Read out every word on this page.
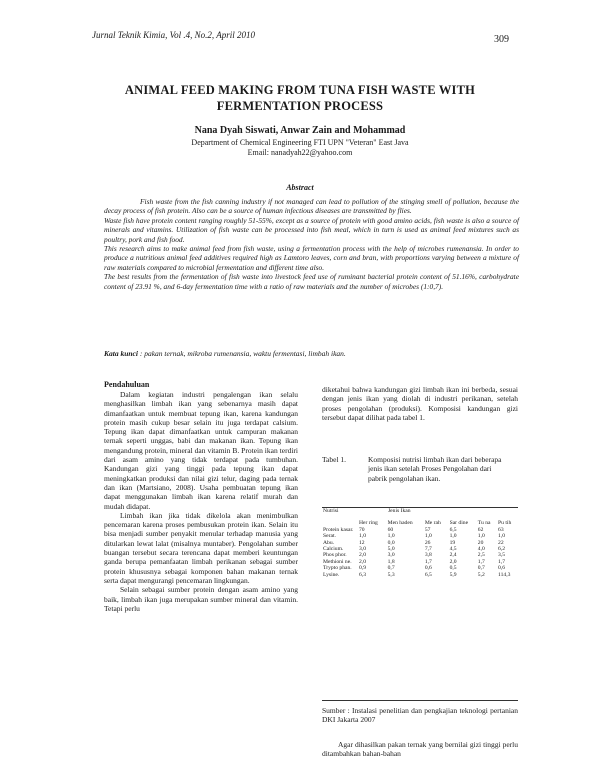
Jurnal Teknik Kimia, Vol .4, No.2, April 2010	309
ANIMAL FEED MAKING FROM TUNA FISH WASTE WITH
FERMENTATION PROCESS
Nana Dyah Siswati, Anwar Zain and Mohammad
Department of Chemical Engineering FTI UPN "Veteran" East Java
Email: nanadyah22@yahoo.com
Abstract

Fish waste from the fish canning industry if not managed can lead to pollution of the stinging smell of pollution, because the decay process of fish protein. Also can be a source of human infectious diseases are transmitted by flies.

Waste fish have protein content ranging roughly 51-55%, except as a source of protein with good amino acids, fish waste is also a source of minerals and vitamins. Utilization of fish waste can be processed into fish meal, which in turn is used as animal feed mixtures such as poultry, pork and fish food.

This research aims to make animal feed from fish waste, using a fermentation process with the help of microbes rumenansia. In order to produce a nutritious animal feed additives required high as Lamtoro leaves, corn and bran, with proportions varying between a mixture of raw materials compared to microbial fermentation and different time also.

The best results from the fermentation of fish waste into livestock feed use of ruminant bacterial protein content of 51.16%, carbohydrate content of 23.91 %, and 6-day fermentation time with a ratio of raw materials and the number of microbes (1:0,7).

Kata kunci : pakan ternak, mikroba rumenansia, waktu fermentasi, limbah ikan.
Pendahuluan

Dalam kegiatan industri pengalengan ikan selalu menghasilkan limbah ikan yang sebenarnya masih dapat dimanfaatkan untuk membuat tepung ikan, karena kandungan protein masih cukup besar selain itu juga terdapat calsium. Tepung ikan dapat dimanfaatkan untuk campuran makanan ternak seperti unggas, babi dan makanan ikan. Tepung ikan mengandung protein, mineral dan vitamin B. Protein ikan terdiri dari asam amino yang tidak terdapat pada tumbuhan. Kandungan gizi yang tinggi pada tepung ikan dapat meningkatkan produksi dan nilai gizi telur, daging pada ternak dan ikan (Martsiano, 2008). Usaha pembuatan tepung ikan dapat menggunakan limbah ikan karena relatif murah dan mudah didapat.

Limbah ikan jika tidak dikelola akan menimbulkan pencemaran karena proses pembusukan protein ikan. Selain itu bisa menjadi sumber penyakit menular terhadap manusia yang ditularkan lewat lalat (misalnya muntaber). Pengolahan sumber buangan tersebut secara terencana dapat memberi keuntungan ganda berupa pemanfaatan limbah perikanan sebagai sumber protein khususnya sebagai komponen bahan makanan ternak serta dapat mengurangi pencemaran lingkungan.

Selain sebagai sumber protein dengan asam amino yang baik, limbah ikan juga merupakan sumber mineral dan vitamin. Tetapi perlu

diketahui bahwa kandungan gizi limbah ikan ini berbeda, sesuai dengan jenis ikan yang diolah di industri perikanan, setelah proses pengolahan (produksi). Komposisi kandungan gizi tersebut dapat dilihat pada tabel 1.

Tabel 1.	Komposisi nutrisi limbah ikan dari beberapa jenis ikan setelah Proses Pengolahan dari pabrik pengolahan ikan.
Nutrisi	Jenis Ikan					
	Her ring	Men haden	Me rah	Sar dine	Tu na	Pu tih
Protein kasar.	70	60	57	6,5	62	63
Serat.	1,0	1,0	1,0	1,0	1,0	1,0
Abu.	12	0,0	26	19	20	22
Calcium.	3,0	5,0	7,7	4,5	4,0	6,2
Phos phor.	2,0	3,0	3,8	2,4	2,5	3,5
Methioni ne.	2,0	1,8	1,7	2,0	1,7	1,7
Trypto phan.	0,9	0,7	0,6	0,5	0,7	0,6
Lysine.	6,3	5,3	6,5	5,9	5,2	114,3
Sumber : Instalasi penelitian dan pengkajian teknologi pertanian DKI Jakarta 2007
Agar dihasilkan pakan ternak yang bernilai gizi tinggi perlu ditambahkan bahan-bahan
